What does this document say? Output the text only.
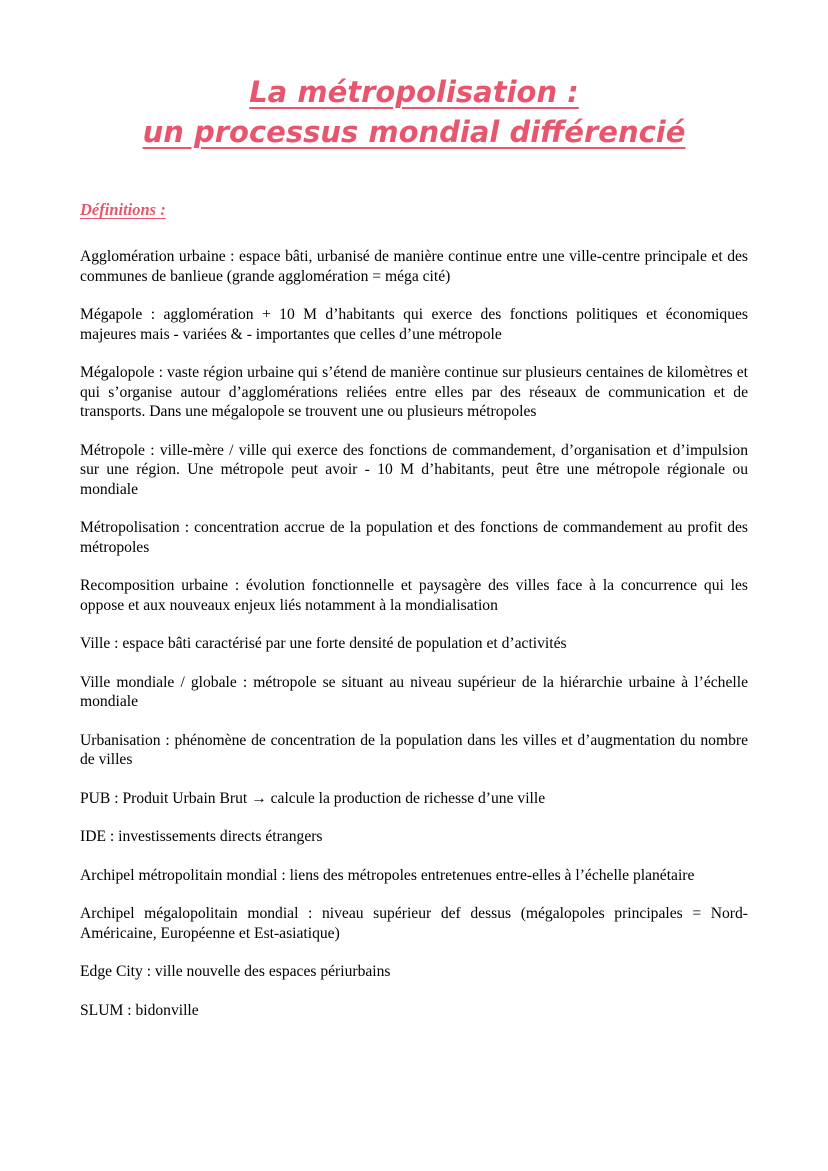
La métropolisation :
un processus mondial différencié
Définitions :

Agglomération urbaine : espace bâti, urbanisé de manière continue entre une ville-centre principale et des communes de banlieue (grande agglomération = méga cité)

Mégapole : agglomération + 10 M d’habitants qui exerce des fonctions politiques et économiques majeures mais - variées & - importantes que celles d’une métropole

Mégalopole : vaste région urbaine qui s’étend de manière continue sur plusieurs centaines de kilomètres et qui s’organise autour d’agglomérations reliées entre elles par des réseaux de communication et de transports. Dans une mégalopole se trouvent une ou plusieurs métropoles

Métropole : ville-mère / ville qui exerce des fonctions de commandement, d’organisation et d’impulsion sur une région. Une métropole peut avoir - 10 M d’habitants, peut être une métropole régionale ou mondiale

Métropolisation : concentration accrue de la population et des fonctions de commandement au profit des métropoles

Recomposition urbaine : évolution fonctionnelle et paysagère des villes face à la concurrence qui les oppose et aux nouveaux enjeux liés notamment à la mondialisation

Ville : espace bâti caractérisé par une forte densité de population et d’activités

Ville mondiale / globale : métropole se situant au niveau supérieur de la hiérarchie urbaine à l’échelle mondiale

Urbanisation : phénomène de concentration de la population dans les villes et d’augmentation du nombre de villes

PUB : Produit Urbain Brut → calcule la production de richesse d’une ville

IDE : investissements directs étrangers

Archipel métropolitain mondial : liens des métropoles entretenues entre-elles à l’échelle planétaire

Archipel mégalopolitain mondial : niveau supérieur def dessus (mégalopoles principales = Nord-Américaine, Européenne et Est-asiatique)

Edge City : ville nouvelle des espaces périurbains

SLUM : bidonville
